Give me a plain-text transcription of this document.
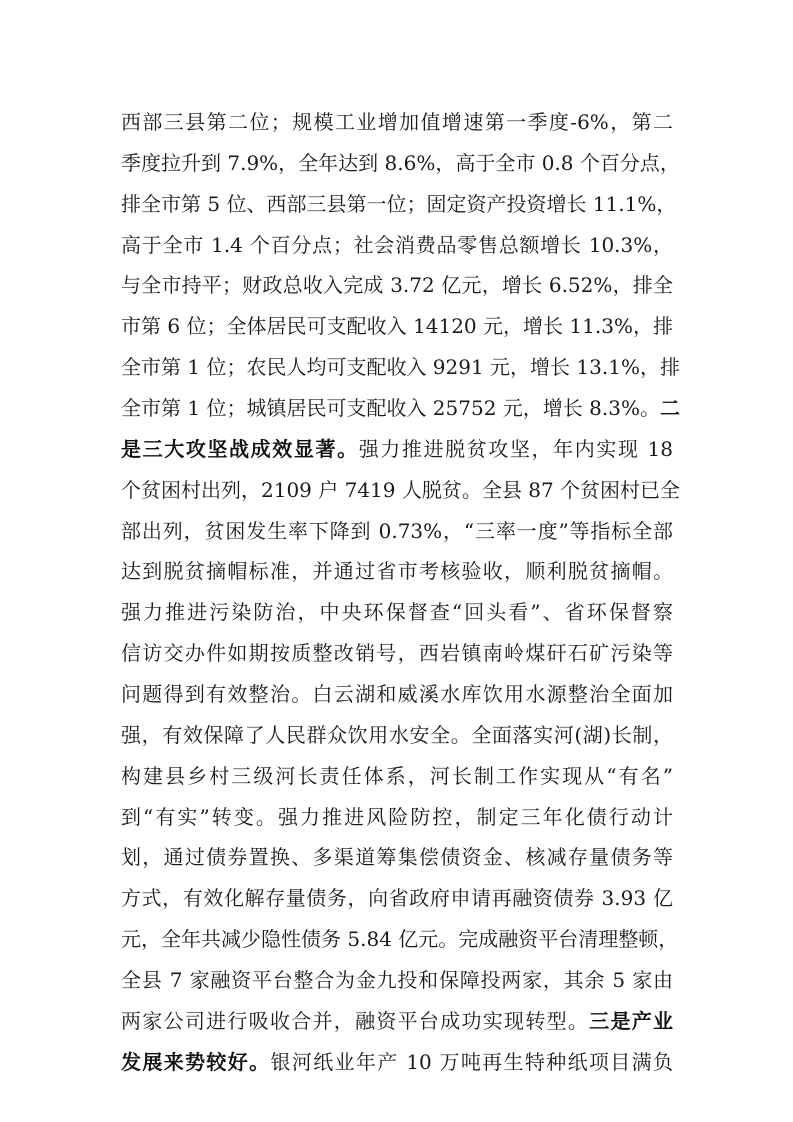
西部三县第二位；规模工业增加值增速第一季度-6%，第二
季度拉升到 7.9%，全年达到 8.6%，高于全市 0.8 个百分点，
排全市第 5 位、西部三县第一位；固定资产投资增长 11.1%，
高于全市 1.4 个百分点；社会消费品零售总额增长 10.3%，
与全市持平；财政总收入完成 3.72 亿元，增长 6.52%，排全
市第 6 位；全体居民可支配收入 14120 元，增长 11.3%，排
全市第 1 位；农民人均可支配收入 9291 元，增长 13.1%，排
全市第 1 位；城镇居民可支配收入 25752 元，增长 8.3%。二
是三大攻坚战成效显著。强力推进脱贫攻坚，年内实现 18
个贫困村出列，2109 户 7419 人脱贫。全县 87 个贫困村已全
部出列，贫困发生率下降到 0.73%，“三率一度”等指标全部
达到脱贫摘帽标准，并通过省市考核验收，顺利脱贫摘帽。
强力推进污染防治，中央环保督查“回头看”、省环保督察
信访交办件如期按质整改销号，西岩镇南岭煤矸石矿污染等
问题得到有效整治。白云湖和威溪水库饮用水源整治全面加
强，有效保障了人民群众饮用水安全。全面落实河(湖)长制，
构建县乡村三级河长责任体系，河长制工作实现从“有名”
到“有实”转变。强力推进风险防控，制定三年化债行动计
划，通过债券置换、多渠道筹集偿债资金、核减存量债务等
方式，有效化解存量债务，向省政府申请再融资债券 3.93 亿
元，全年共减少隐性债务 5.84 亿元。完成融资平台清理整顿，
全县 7 家融资平台整合为金九投和保障投两家，其余 5 家由
两家公司进行吸收合并，融资平台成功实现转型。三是产业
发展来势较好。银河纸业年产 10 万吨再生特种纸项目满负
